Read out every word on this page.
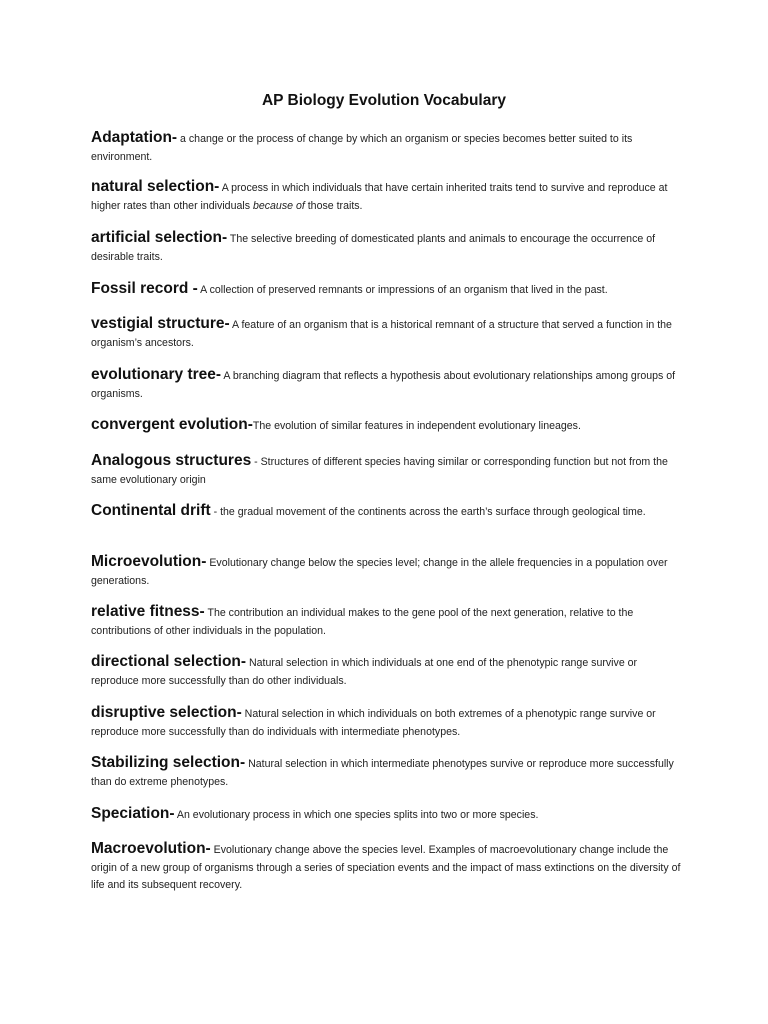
AP Biology Evolution Vocabulary

Adaptation- a change or the process of change by which an organism or species becomes better suited to its environment.

natural selection- A process in which individuals that have certain inherited traits tend to survive and reproduce at higher rates than other individuals because of those traits.

artificial selection- The selective breeding of domesticated plants and animals to encourage the occurrence of desirable traits.

Fossil record - A collection of preserved remnants or impressions of an organism that lived in the past.

vestigial structure- A feature of an organism that is a historical remnant of a structure that served a function in the organism’s ancestors.

evolutionary tree- A branching diagram that reflects a hypothesis about evolutionary relationships among groups of organisms.

convergent evolution-The evolution of similar features in independent evolutionary lineages.

Analogous structures - Structures of different species having similar or corresponding function but not from the same evolutionary origin

Continental drift - the gradual movement of the continents across the earth’s surface through geological time.

Microevolution- Evolutionary change below the species level; change in the allele frequencies in a population over generations.

relative fitness- The contribution an individual makes to the gene pool of the next generation, relative to the contributions of other individuals in the population.

directional selection- Natural selection in which individuals at one end of the phenotypic range survive or reproduce more successfully than do other individuals.

disruptive selection- Natural selection in which individuals on both extremes of a phenotypic range survive or reproduce more successfully than do individuals with intermediate phenotypes.

Stabilizing selection- Natural selection in which intermediate phenotypes survive or reproduce more successfully than do extreme phenotypes.

Speciation- An evolutionary process in which one species splits into two or more species.

Macroevolution- Evolutionary change above the species level. Examples of macroevolutionary change include the origin of a new group of organisms through a series of speciation events and the impact of mass extinctions on the diversity of life and its subsequent recovery.
